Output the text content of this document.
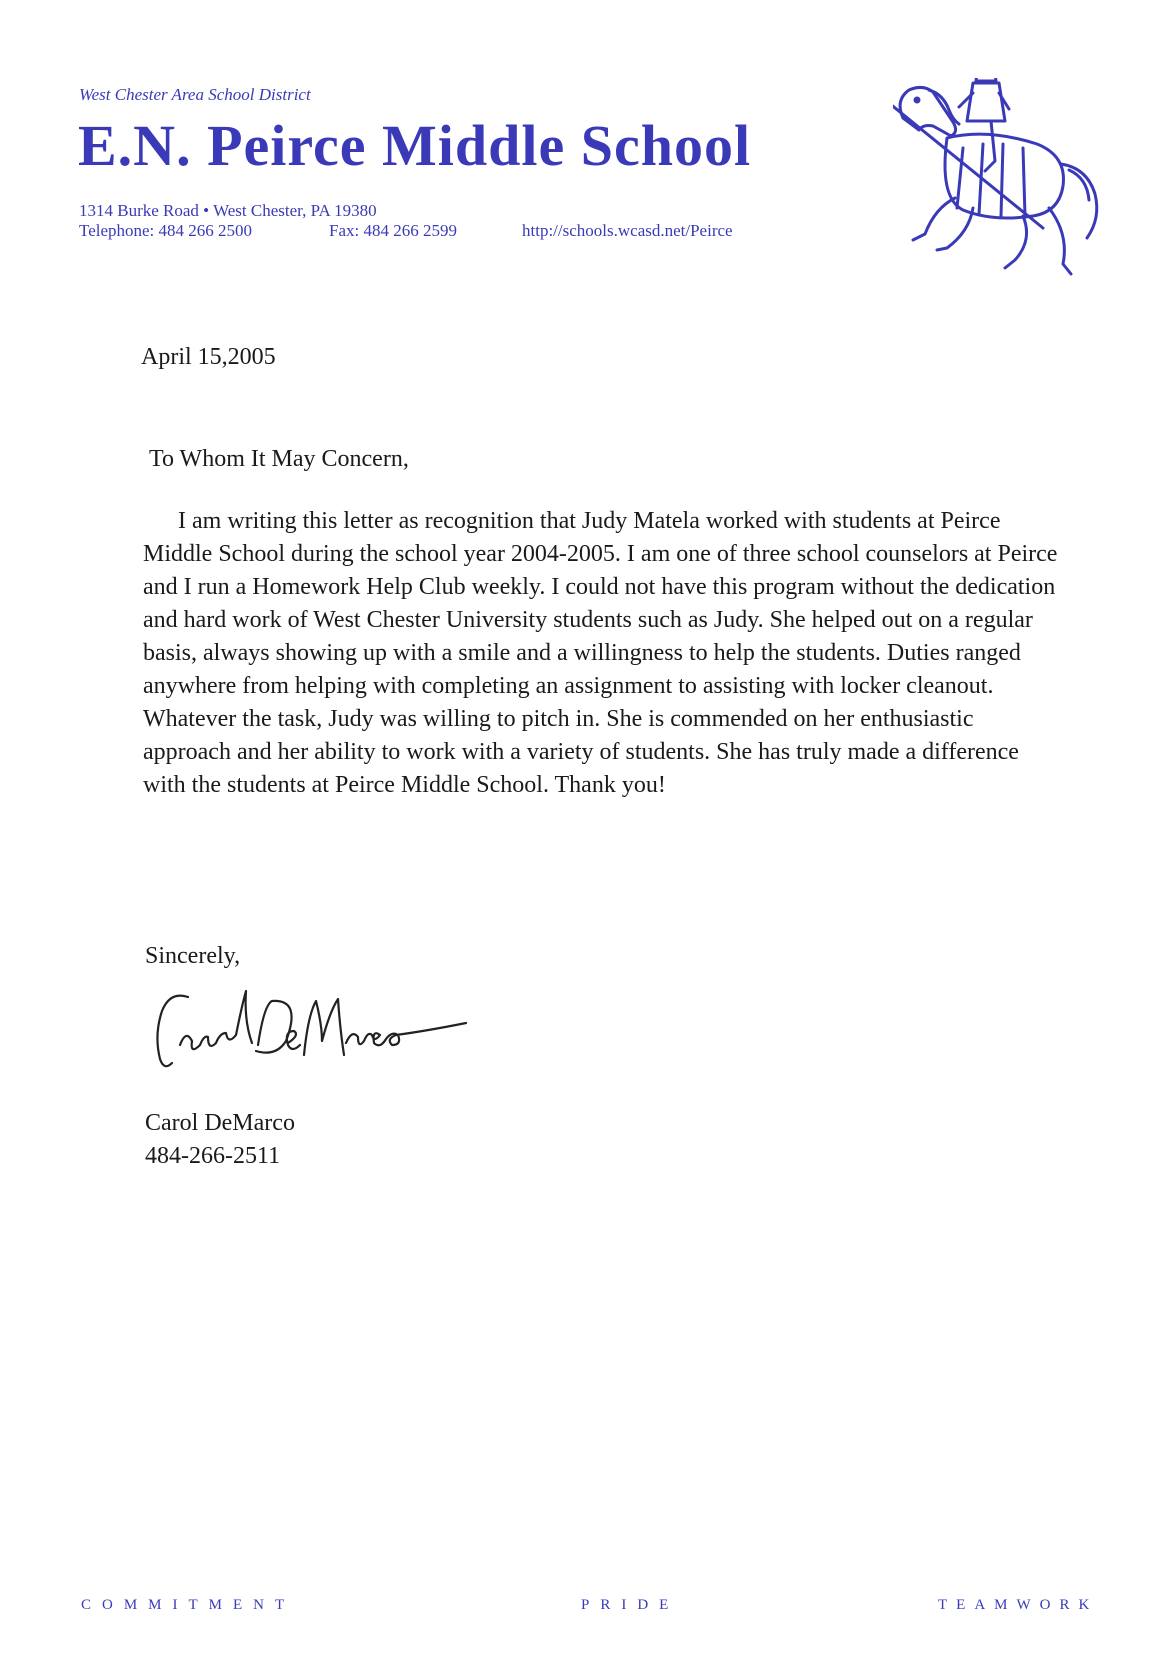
West Chester Area School District
E.N. Peirce Middle School
1314 Burke Road • West Chester, PA 19380
Telephone: 484 266 2500	Fax: 484 266 2599	http://schools.wcasd.net/Peirce
April 15,2005
To Whom It May Concern,

I am writing this letter as recognition that Judy Matela worked with students at Peirce Middle School during the school year 2004-2005. I am one of three school counselors at Peirce and I run a Homework Help Club weekly. I could not have this program without the dedication and hard work of West Chester University students such as Judy. She helped out on a regular basis, always showing up with a smile and a willingness to help the students. Duties ranged anywhere from helping with completing an assignment to assisting with locker cleanout. Whatever the task, Judy was willing to pitch in. She is commended on her enthusiastic approach and her ability to work with a variety of students. She has truly made a difference with the students at Peirce Middle School. Thank you!

Sincerely,
Carol DeMarco
484-266-2511
COMMITMENT	PRIDE	TEAMWORK
